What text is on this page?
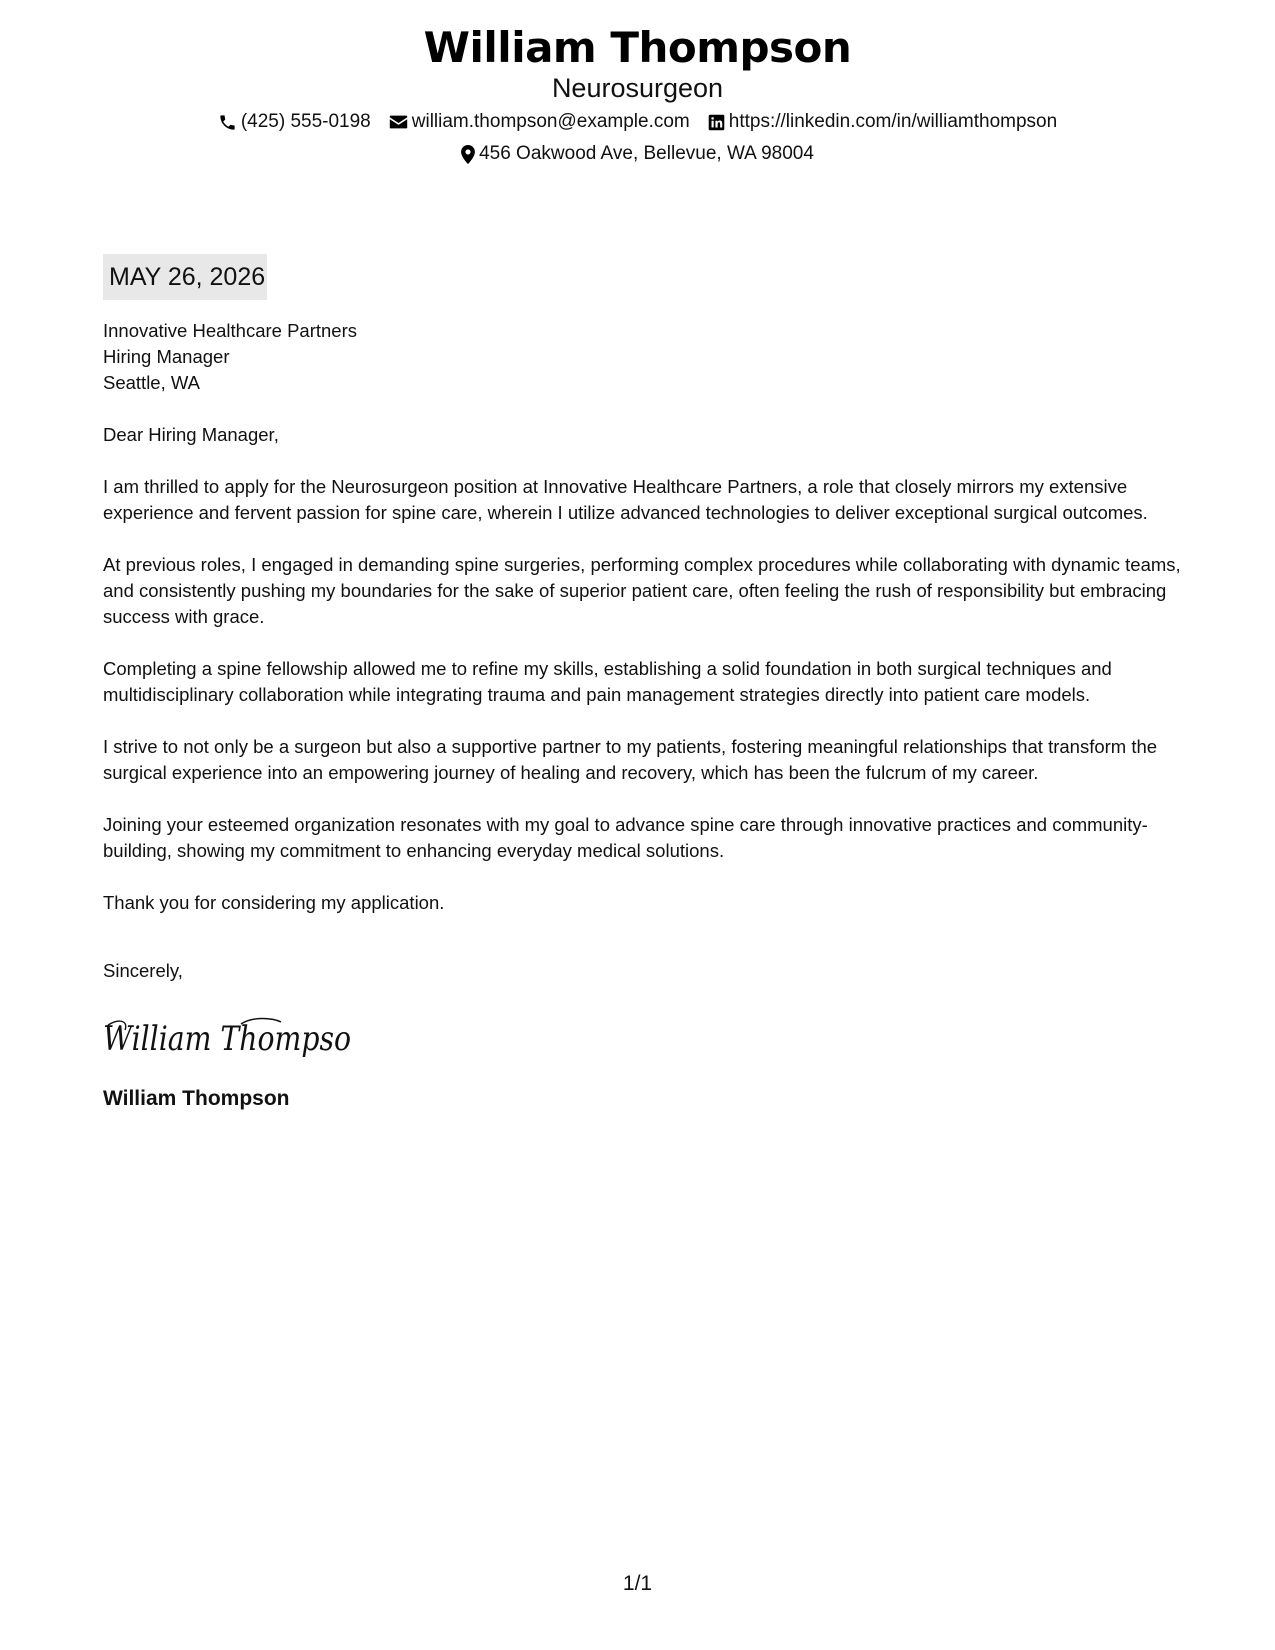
William Thompson
Neurosurgeon
(425) 555-0198 william.thompson@example.com https://linkedin.com/in/williamthompson
456 Oakwood Ave, Bellevue, WA 98004
MAY 26, 2026
Innovative Healthcare Partners
Hiring Manager
Seattle, WA

Dear Hiring Manager,

I am thrilled to apply for the Neurosurgeon position at Innovative Healthcare Partners, a role that closely mirrors my extensive experience and fervent passion for spine care, wherein I utilize advanced technologies to deliver exceptional surgical outcomes.

At previous roles, I engaged in demanding spine surgeries, performing complex procedures while collaborating with dynamic teams, and consistently pushing my boundaries for the sake of superior patient care, often feeling the rush of responsibility but embracing success with grace.

Completing a spine fellowship allowed me to refine my skills, establishing a solid foundation in both surgical techniques and multidisciplinary collaboration while integrating trauma and pain management strategies directly into patient care models.

I strive to not only be a surgeon but also a supportive partner to my patients, fostering meaningful relationships that transform the surgical experience into an empowering journey of healing and recovery, which has been the fulcrum of my career.

Joining your esteemed organization resonates with my goal to advance spine care through innovative practices and community-building, showing my commitment to enhancing everyday medical solutions.

Thank you for considering my application.

Sincerely,
William Thompso
William Thompson
1/1
